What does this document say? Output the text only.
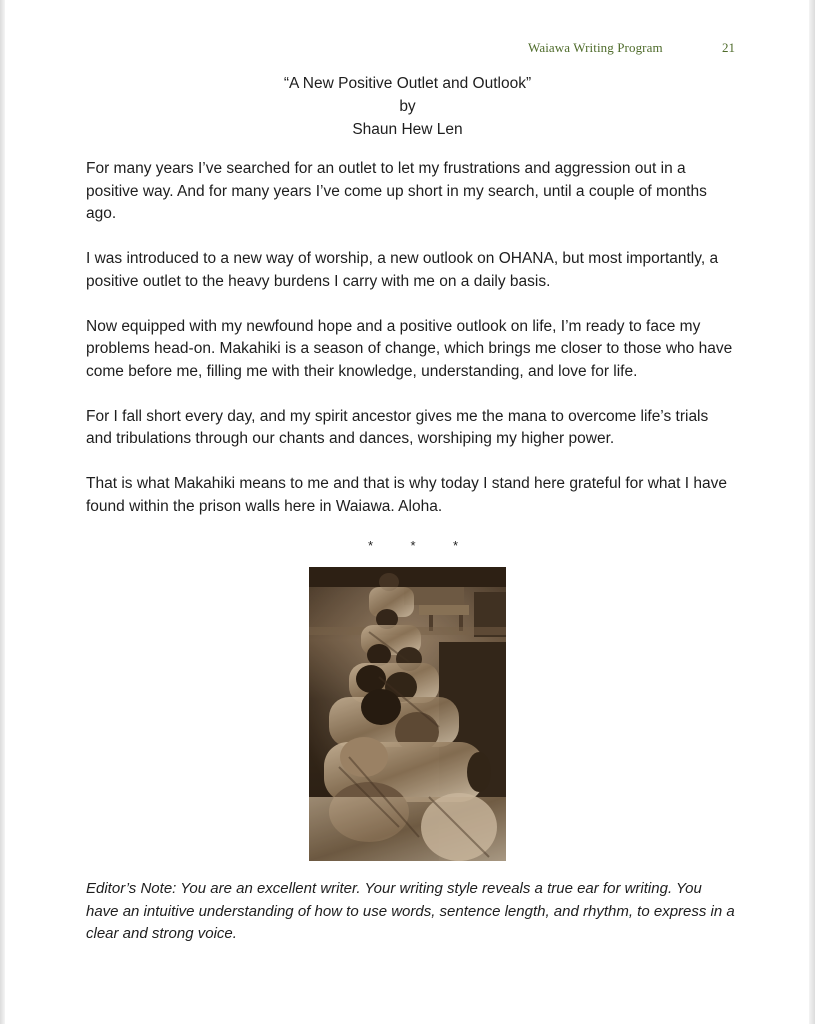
Waiawa Writing Program	21
“A New Positive Outlet and Outlook”
by
Shaun Hew Len

For many years I’ve searched for an outlet to let my frustrations and aggression out in a positive way. And for many years I’ve come up short in my search, until a couple of months ago.

I was introduced to a new way of worship, a new outlook on OHANA, but most importantly, a positive outlet to the heavy burdens I carry with me on a daily basis.

Now equipped with my newfound hope and a positive outlook on life, I’m ready to face my problems head-on. Makahiki is a season of change, which brings me closer to those who have come before me, filling me with their knowledge, understanding, and love for life.

For I fall short every day, and my spirit ancestor gives me the mana to overcome life’s trials and tribulations through our chants and dances, worshiping my higher power.

That is what Makahiki means to me and that is why today I stand here grateful for what I have found within the prison walls here in Waiawa. Aloha.

*	*	*
Editor’s Note: You are an excellent writer. Your writing style reveals a true ear for writing. You have an intuitive understanding of how to use words, sentence length, and rhythm, to express in a clear and strong voice.
